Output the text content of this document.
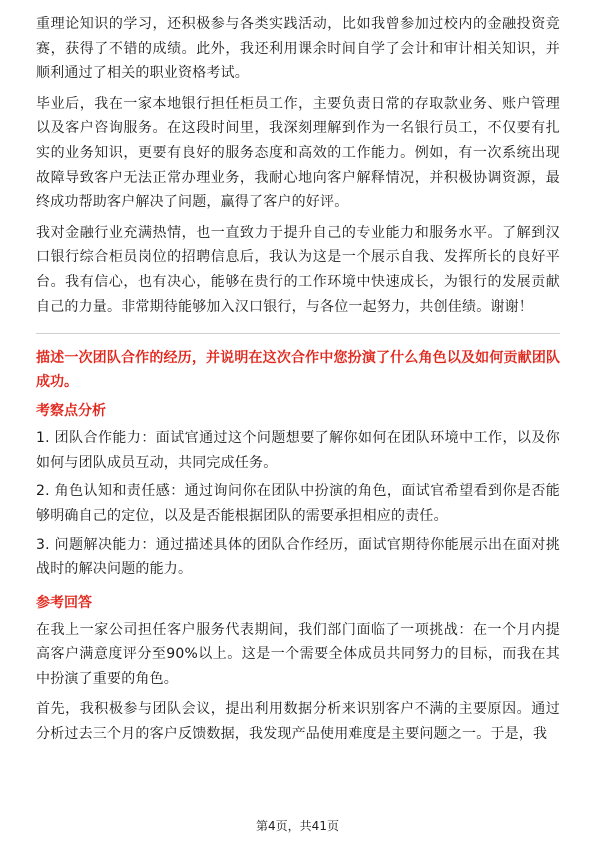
重理论知识的学习，还积极参与各类实践活动，比如我曾参加过校内的金融投资竞赛，获得了不错的成绩。此外，我还利用课余时间自学了会计和审计相关知识，并顺利通过了相关的职业资格考试。

毕业后，我在一家本地银行担任柜员工作，主要负责日常的存取款业务、账户管理以及客户咨询服务。在这段时间里，我深刻理解到作为一名银行员工，不仅要有扎实的业务知识，更要有良好的服务态度和高效的工作能力。例如，有一次系统出现故障导致客户无法正常办理业务，我耐心地向客户解释情况，并积极协调资源，最终成功帮助客户解决了问题，赢得了客户的好评。

我对金融行业充满热情，也一直致力于提升自己的专业能力和服务水平。了解到汉口银行综合柜员岗位的招聘信息后，我认为这是一个展示自我、发挥所长的良好平台。我有信心，也有决心，能够在贵行的工作环境中快速成长，为银行的发展贡献自己的力量。非常期待能够加入汉口银行，与各位一起努力，共创佳绩。谢谢！

描述一次团队合作的经历，并说明在这次合作中您扮演了什么角色以及如何贡献团队成功。
考察点分析

1. 团队合作能力：面试官通过这个问题想要了解你如何在团队环境中工作，以及你如何与团队成员互动，共同完成任务。

2. 角色认知和责任感：通过询问你在团队中扮演的角色，面试官希望看到你是否能够明确自己的定位，以及是否能根据团队的需要承担相应的责任。

3. 问题解决能力：通过描述具体的团队合作经历，面试官期待你能展示出在面对挑战时的解决问题的能力。

参考回答

在我上一家公司担任客户服务代表期间，我们部门面临了一项挑战：在一个月内提高客户满意度评分至90%以上。这是一个需要全体成员共同努力的目标，而我在其中扮演了重要的角色。

首先，我积极参与团队会议，提出利用数据分析来识别客户不满的主要原因。通过分析过去三个月的客户反馈数据，我发现产品使用难度是主要问题之一。于是，我

第4页，共41页
